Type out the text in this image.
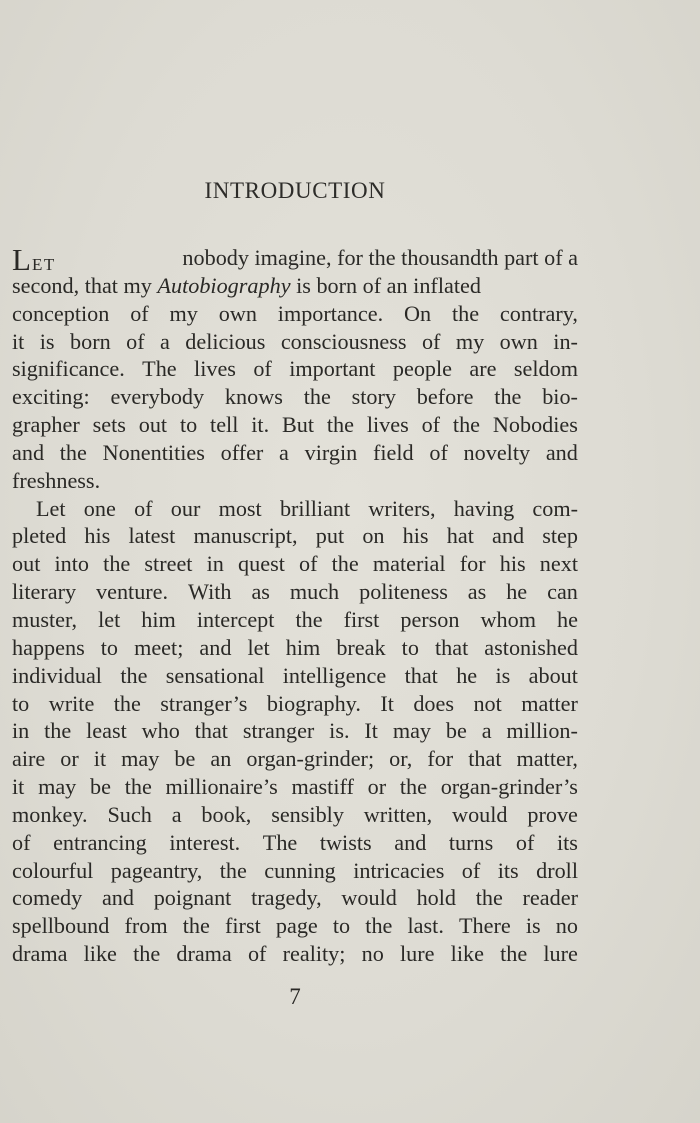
INTRODUCTION
LET	nobody imagine, for the thousandth part of a
second, that my Autobiography is born of an inflated
conception of my own importance. On the contrary,
it is born of a delicious consciousness of my own in-
significance. The lives of important people are seldom
exciting: everybody knows the story before the bio-
grapher sets out to tell it. But the lives of the Nobodies
and the Nonentities offer a virgin field of novelty and
freshness.
Let one of our most brilliant writers, having com-
pleted his latest manuscript, put on his hat and step
out into the street in quest of the material for his next
literary venture. With as much politeness as he can
muster, let him intercept the first person whom he
happens to meet; and let him break to that astonished
individual the sensational intelligence that he is about
to write the stranger’s biography. It does not matter
in the least who that stranger is. It may be a million-
aire or it may be an organ-grinder; or, for that matter,
it may be the millionaire’s mastiff or the organ-grinder’s
monkey. Such a book, sensibly written, would prove
of entrancing interest. The twists and turns of its
colourful pageantry, the cunning intricacies of its droll
comedy and poignant tragedy, would hold the reader
spellbound from the first page to the last. There is no
drama like the drama of reality; no lure like the lure
7
